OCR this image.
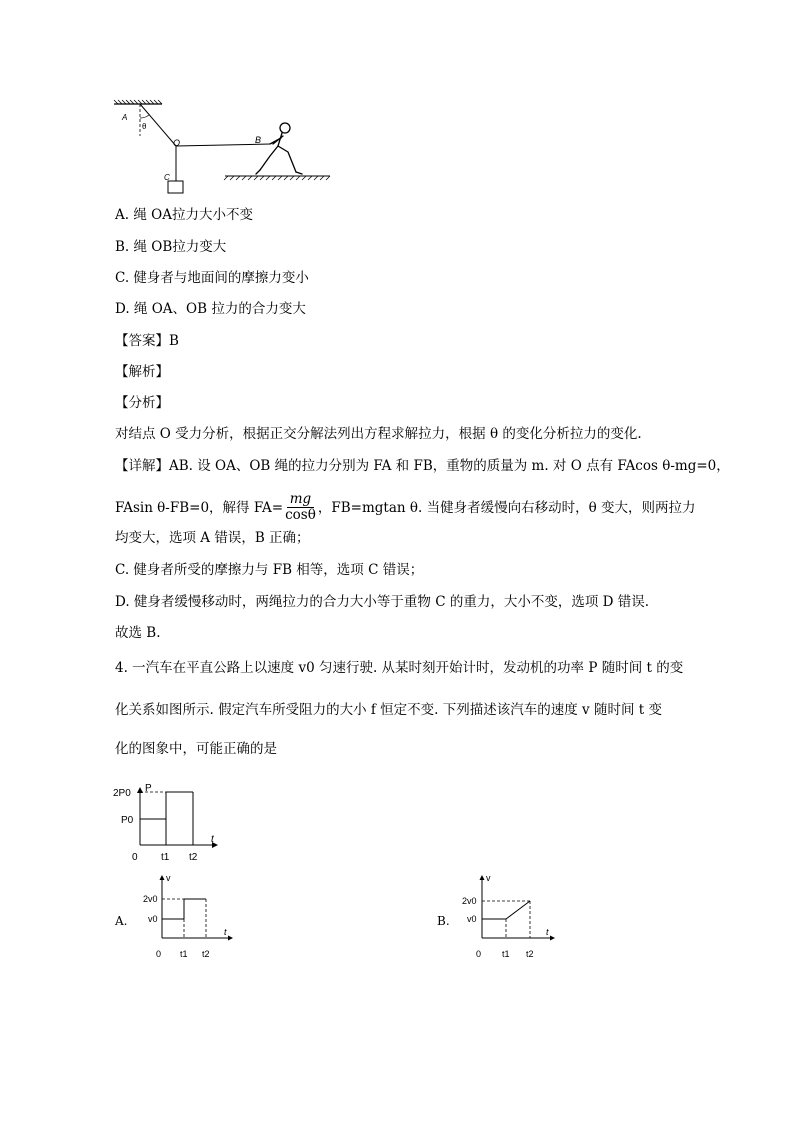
A
θ
O	B
C
A. 绳 OA拉力大小不变
B. 绳 OB拉力变大
C. 健身者与地面间的摩擦力变小
D. 绳 OA、OB 拉力的合力变大
【答案】B
【解析】
【分析】
对结点 O 受力分析，根据正交分解法列出方程求解拉力，根据 θ 的变化分析拉力的变化.
【详解】AB. 设 OA、OB 绳的拉力分别为 FA 和 FB，重物的质量为 m. 对 O 点有 FAcos θ-mg=0，
FAsin θ-FB=0，解得 $FA= \frac{mg}{\cos\theta}$ ，FB=mgtan θ. 当健身者缓慢向右移动时，θ 变大，则两拉力
均变大，选项 A 错误，B 正确；
C. 健身者所受的摩擦力与 FB 相等，选项 C 错误；
D. 健身者缓慢移动时，两绳拉力的合力大小等于重物 C 的重力，大小不变，选项 D 错误.
故选 B.
4. 一汽车在平直公路上以速度 v0 匀速行驶. 从某时刻开始计时，发动机的功率 P 随时间 t 的变
化关系如图所示. 假定汽车所受阻力的大小 f 恒定不变. 下列描述该汽车的速度 v 随时间 t 变
化的图象中，可能正确的是
P
t
2P0
P0
0 t1 t2
A.
v
t
2v0
v0
0 t1 t2
B.
v
t
2v0
v0
0 t1 t2
